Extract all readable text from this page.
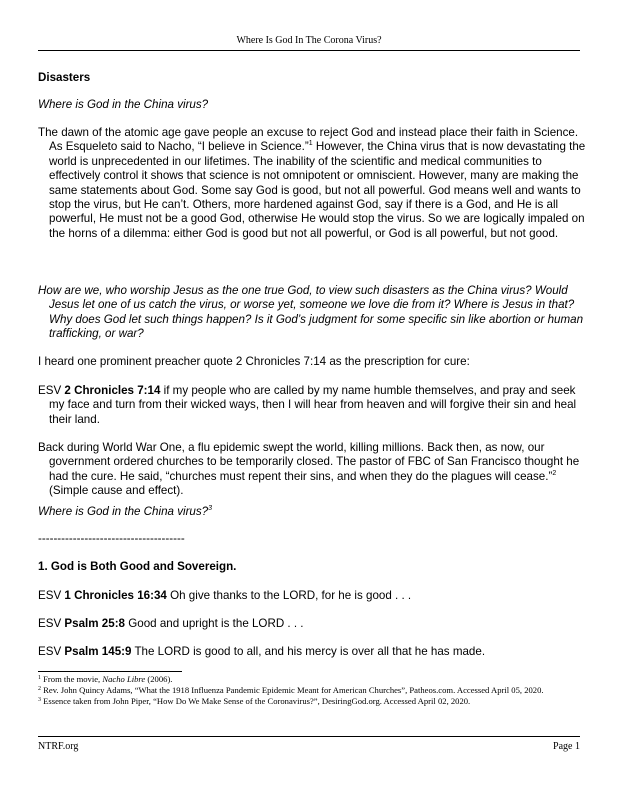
Where Is God In The Corona Virus?

Disasters

Where is God in the China virus?

The dawn of the atomic age gave people an excuse to reject God and instead place their faith in Science. As Esqueleto said to Nacho, “I believe in Science.”$^1$ However, the China virus that is now devastating the world is unprecedented in our lifetimes. The inability of the scientific and medical communities to effectively control it shows that science is not omnipotent or omniscient. However, many are making the same statements about God. Some say God is good, but not all powerful. God means well and wants to stop the virus, but He can’t. Others, more hardened against God, say if there is a God, and He is all powerful, He must not be a good God, otherwise He would stop the virus. So we are logically impaled on the horns of a dilemma: either God is good but not all powerful, or God is all powerful, but not good.

How are we, who worship Jesus as the one true God, to view such disasters as the China virus? Would Jesus let one of us catch the virus, or worse yet, someone we love die from it? Where is Jesus in that? Why does God let such things happen? Is it God’s judgment for some specific sin like abortion or human trafficking, or war?

I heard one prominent preacher quote 2 Chronicles 7:14 as the prescription for cure:

ESV 2 Chronicles 7:14 if my people who are called by my name humble themselves, and pray and seek my face and turn from their wicked ways, then I will hear from heaven and will forgive their sin and heal their land.

Back during World War One, a flu epidemic swept the world, killing millions. Back then, as now, our government ordered churches to be temporarily closed. The pastor of FBC of San Francisco thought he had the cure. He said, “churches must repent their sins, and when they do the plagues will cease.”$^2$ (Simple cause and effect).

Where is God in the China virus?$^3$

--------------------------------------

1. God is Both Good and Sovereign.

ESV 1 Chronicles 16:34 Oh give thanks to the LORD, for he is good . . .

ESV Psalm 25:8 Good and upright is the LORD . . .

ESV Psalm 145:9 The LORD is good to all, and his mercy is over all that he has made.

$^1$ From the movie, Nacho Libre (2006).

$^2$ Rev. John Quincy Adams, “What the 1918 Influenza Pandemic Epidemic Meant for American Churches”, Patheos.com. Accessed April 05, 2020.

$^3$ Essence taken from John Piper, “How Do We Make Sense of the Coronavirus?”, DesiringGod.org. Accessed April 02, 2020.

NTRF.org	Page 1
